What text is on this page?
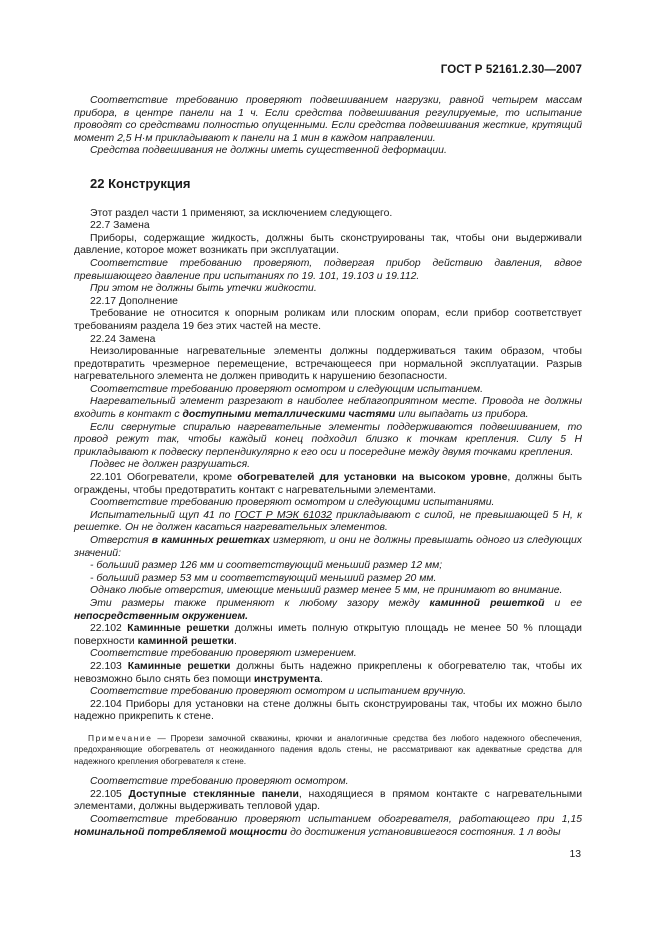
ГОСТ Р 52161.2.30—2007

Соответствие требованию проверяют подвешиванием нагрузки, равной четырем массам прибора, в центре панели на 1 ч. Если средства подвешивания регулируемые, то испытание проводят со средствами полностью опущенными. Если средства подвешивания жесткие, крутящий момент 2,5 Н·м прикладывают к панели на 1 мин в каждом направлении.

Средства подвешивания не должны иметь существенной деформации.

22 Конструкция

Этот раздел части 1 применяют, за исключением следующего.

22.7 Замена

Приборы, содержащие жидкость, должны быть сконструированы так, чтобы они выдерживали давление, которое может возникать при эксплуатации.

Соответствие требованию проверяют, подвергая прибор действию давления, вдвое превышающего давление при испытаниях по 19. 101, 19.103 и 19.112.

При этом не должны быть утечки жидкости.

22.17 Дополнение

Требование не относится к опорным роликам или плоским опорам, если прибор соответствует требованиям раздела 19 без этих частей на месте.

22.24 Замена

Неизолированные нагревательные элементы должны поддерживаться таким образом, чтобы предотвратить чрезмерное перемещение, встречающееся при нормальной эксплуатации. Разрыв нагревательного элемента не должен приводить к нарушению безопасности.

Соответствие требованию проверяют осмотром и следующим испытанием.

Нагревательный элемент разрезают в наиболее неблагоприятном месте. Провода не должны входить в контакт с доступными металлическими частями или выпадать из прибора.

Если свернутые спиралью нагревательные элементы поддерживаются подвешиванием, то провод режут так, чтобы каждый конец подходил близко к точкам крепления. Силу 5 Н прикладывают к подвеску перпендикулярно к его оси и посередине между двумя точками крепления.

Подвес не должен разрушаться.

22.101 Обогреватели, кроме обогревателей для установки на высоком уровне, должны быть ограждены, чтобы предотвратить контакт с нагревательными элементами.

Соответствие требованию проверяют осмотром и следующими испытаниями.

Испытательный щуп 41 по ГОСТ Р МЭК 61032 прикладывают с силой, не превышающей 5 Н, к решетке. Он не должен касаться нагревательных элементов.

Отверстия в каминных решетках измеряют, и они не должны превышать одного из следующих значений:

- больший размер 126 мм и соответствующий меньший размер 12 мм;

- больший размер 53 мм и соответствующий меньший размер 20 мм.

Однако любые отверстия, имеющие меньший размер менее 5 мм, не принимают во внимание.

Эти размеры также применяют к любому зазору между каминной решеткой и ее непосредственным окружением.

22.102 Каминные решетки должны иметь полную открытую площадь не менее 50 % площади поверхности каминной решетки.

Соответствие требованию проверяют измерением.

22.103 Каминные решетки должны быть надежно прикреплены к обогревателю так, чтобы их невозможно было снять без помощи инструмента.

Соответствие требованию проверяют осмотром и испытанием вручную.

22.104 Приборы для установки на стене должны быть сконструированы так, чтобы их можно было надежно прикрепить к стене.

Примечание — Прорези замочной скважины, крючки и аналогичные средства без любого надежного обеспечения, предохраняющие обогреватель от неожиданного падения вдоль стены, не рассматривают как адекватные средства для надежного крепления обогревателя к стене.

Соответствие требованию проверяют осмотром.

22.105 Доступные стеклянные панели, находящиеся в прямом контакте с нагревательными элементами, должны выдерживать тепловой удар.

Соответствие требованию проверяют испытанием обогревателя, работающего при 1,15 номинальной потребляемой мощности до достижения установившегося состояния. 1 л воды

13
